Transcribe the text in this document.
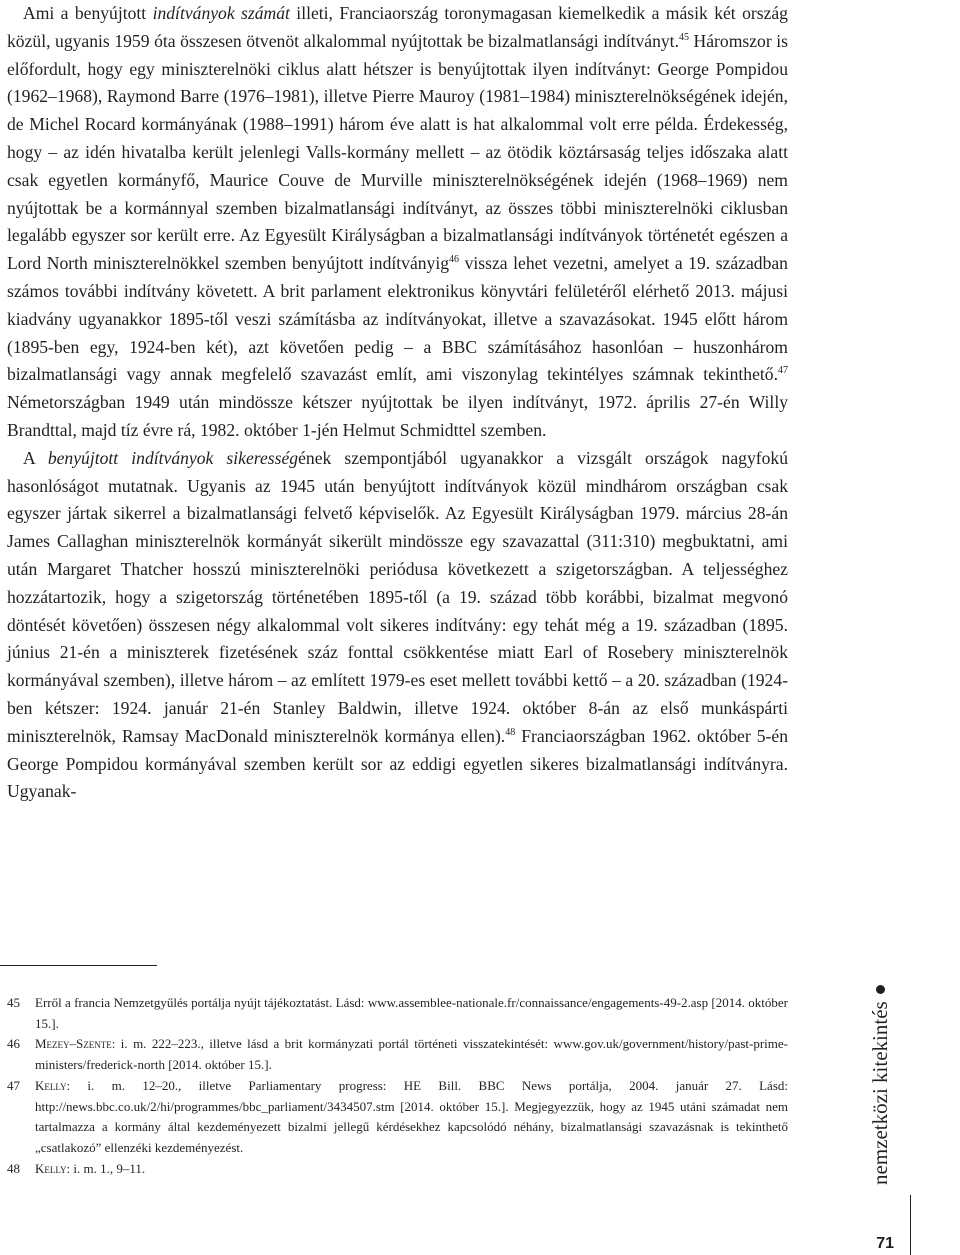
Ami a benyújtott indítványok számát illeti, Franciaország toronymagasan kiemelkedik a másik két ország közül, ugyanis 1959 óta összesen ötvenöt alkalommal nyújtottak be bizalmatlansági indítványt.$^{45}$ Háromszor is előfordult, hogy egy miniszterelnöki ciklus alatt hétszer is benyújtottak ilyen indítványt: George Pompidou (1962–1968), Raymond Barre (1976–1981), illetve Pierre Mauroy (1981–1984) miniszterelnökségének idején, de Michel Rocard kormányának (1988–1991) három éve alatt is hat alkalommal volt erre példa. Érdekesség, hogy – az idén hivatalba került jelenlegi Valls-kormány mellett – az ötödik köztársaság teljes időszaka alatt csak egyetlen kormányfő, Maurice Couve de Murville miniszterelnökségének idején (1968–1969) nem nyújtottak be a kormánnyal szemben bizalmatlansági indítványt, az összes többi miniszterelnöki ciklusban legalább egyszer sor került erre. Az Egyesült Királyságban a bizalmatlansági indítványok történetét egészen a Lord North miniszterelnökkel szemben benyújtott indítványig$^{46}$ vissza lehet vezetni, amelyet a 19. században számos további indítvány követett. A brit parlament elektronikus könyvtári felületéről elérhető 2013. májusi kiadvány ugyanakkor 1895-től veszi számításba az indítványokat, illetve a szavazásokat. 1945 előtt három (1895-ben egy, 1924-ben két), azt követően pedig – a BBC számításához hasonlóan – huszonhárom bizalmatlansági vagy annak megfelelő szavazást említ, ami viszonylag tekintélyes számnak tekinthető.$^{47}$ Németországban 1949 után mindössze kétszer nyújtottak be ilyen indítványt, 1972. április 27-én Willy Brandttal, majd tíz évre rá, 1982. október 1-jén Helmut Schmidttel szemben.

A benyújtott indítványok sikerességének szempontjából ugyanakkor a vizsgált országok nagyfokú hasonlóságot mutatnak. Ugyanis az 1945 után benyújtott indítványok közül mindhárom országban csak egyszer jártak sikerrel a bizalmatlansági felvető képviselők. Az Egyesült Királyságban 1979. március 28-án James Callaghan miniszterelnök kormányát sikerült mindössze egy szavazattal (311:310) megbuktatni, ami után Margaret Thatcher hosszú miniszterelnöki periódusa következett a szigetországban. A teljességhez hozzátartozik, hogy a szigetország történetében 1895-től (a 19. század több korábbi, bizalmat megvonó döntését követően) összesen négy alkalommal volt sikeres indítvány: egy tehát még a 19. században (1895. június 21-én a miniszterek fizetésének száz fonttal csökkentése miatt Earl of Rosebery miniszterelnök kormányával szemben), illetve három – az említett 1979-es eset mellett további kettő – a 20. században (1924-ben kétszer: 1924. január 21-én Stanley Baldwin, illetve 1924. október 8-án az első munkáspárti miniszterelnök, Ramsay MacDonald miniszterelnök kormánya ellen).$^{48}$ Franciaországban 1962. október 5-én George Pompidou kormányával szemben került sor az eddigi egyetlen sikeres bizalmatlansági indítványra. Ugyanak-

45	Erről a francia Nemzetgyűlés portálja nyújt tájékoztatást. Lásd: www.assemblee-nationale.fr/connaissance/engagements-49-2.asp [2014. október 15.].
46	Mezey–Szente: i. m. 222–223., illetve lásd a brit kormányzati portál történeti visszatekintését: www.gov.uk/government/history/past-prime-ministers/frederick-north [2014. október 15.].
47	Kelly: i. m. 12–20., illetve Parliamentary progress: HE Bill. BBC News portálja, 2004. január 27. Lásd: http://news.bbc.co.uk/2/hi/programmes/bbc_parliament/3434507.stm [2014. október 15.]. Megjegyezzük, hogy az 1945 utáni számadat nem tartalmazza a kormány által kezdeményezett bizalmi jellegű kérdésekhez kapcsolódó néhány, bizalmatlansági szavazásnak is tekinthető „csatlakozó” ellenzéki kezdeményezést.
48	Kelly: i. m. 1., 9–11.	nemzetközi kitekintés
71
